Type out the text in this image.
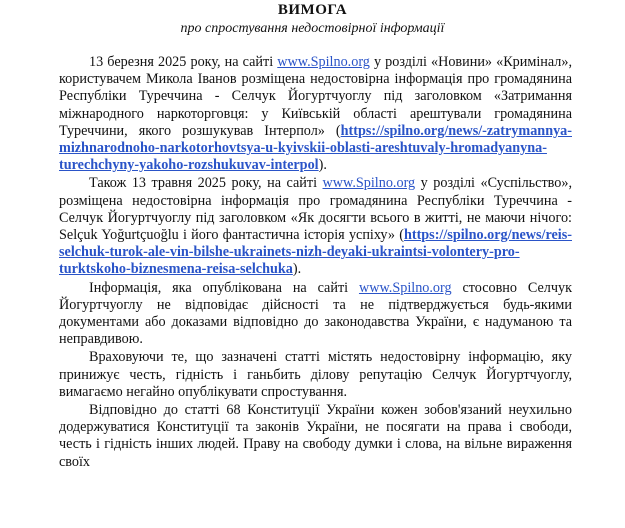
ВИМОГА
про спростування недостовірної інформації

13 березня 2025 року, на сайті www.Spilno.org у розділі «Новини» «Кримінал», користувачем Микола Іванов розміщена недостовірна інформація про громадянина Республіки Туреччина - Селчук Йогуртчуоглу під заголовком «Затримання міжнародного наркоторговця: у Київській області арештували громадянина Туреччини, якого розшукував Інтерпол» (https://spilno.org/news/-zatrymannya-mizhnarodnoho-narkotorhovtsya-u-kyivskii-oblasti-areshtuvaly-hromadyanyna-turechchyny-yakoho-rozshukuvav-interpol).

Також 13 травня 2025 року, на сайті www.Spilno.org у розділі «Суспільство», розміщена недостовірна інформація про громадянина Республіки Туреччина - Селчук Йогуртчуоглу під заголовком «Як досягти всього в житті, не маючи нічого: Selçuk Yoğurtçuoğlu і його фантастична історія успіху» (https://spilno.org/news/reis-selchuk-turok-ale-vin-bilshe-ukrainets-nizh-deyaki-ukraintsi-volontery-pro-turktskoho-biznesmena-reisa-selchuka).

Інформація, яка опублікована на сайті www.Spilno.org стосовно Селчук Йогуртчуоглу не відповідає дійсності та не підтверджується будь-якими документами або доказами відповідно до законодавства України, є надуманою та неправдивою.

Враховуючи те, що зазначені статті містять недостовірну інформацію, яку принижує честь, гідність і ганьбить ділову репутацію Селчук Йогуртчуоглу, вимагаємо негайно опублікувати спростування.

Відповідно до статті 68 Конституції України кожен зобов'язаний неухильно додержуватися Конституції та законів України, не посягати на права і свободи, честь і гідність інших людей. Праву на свободу думки і слова, на вільне вираження своїх
